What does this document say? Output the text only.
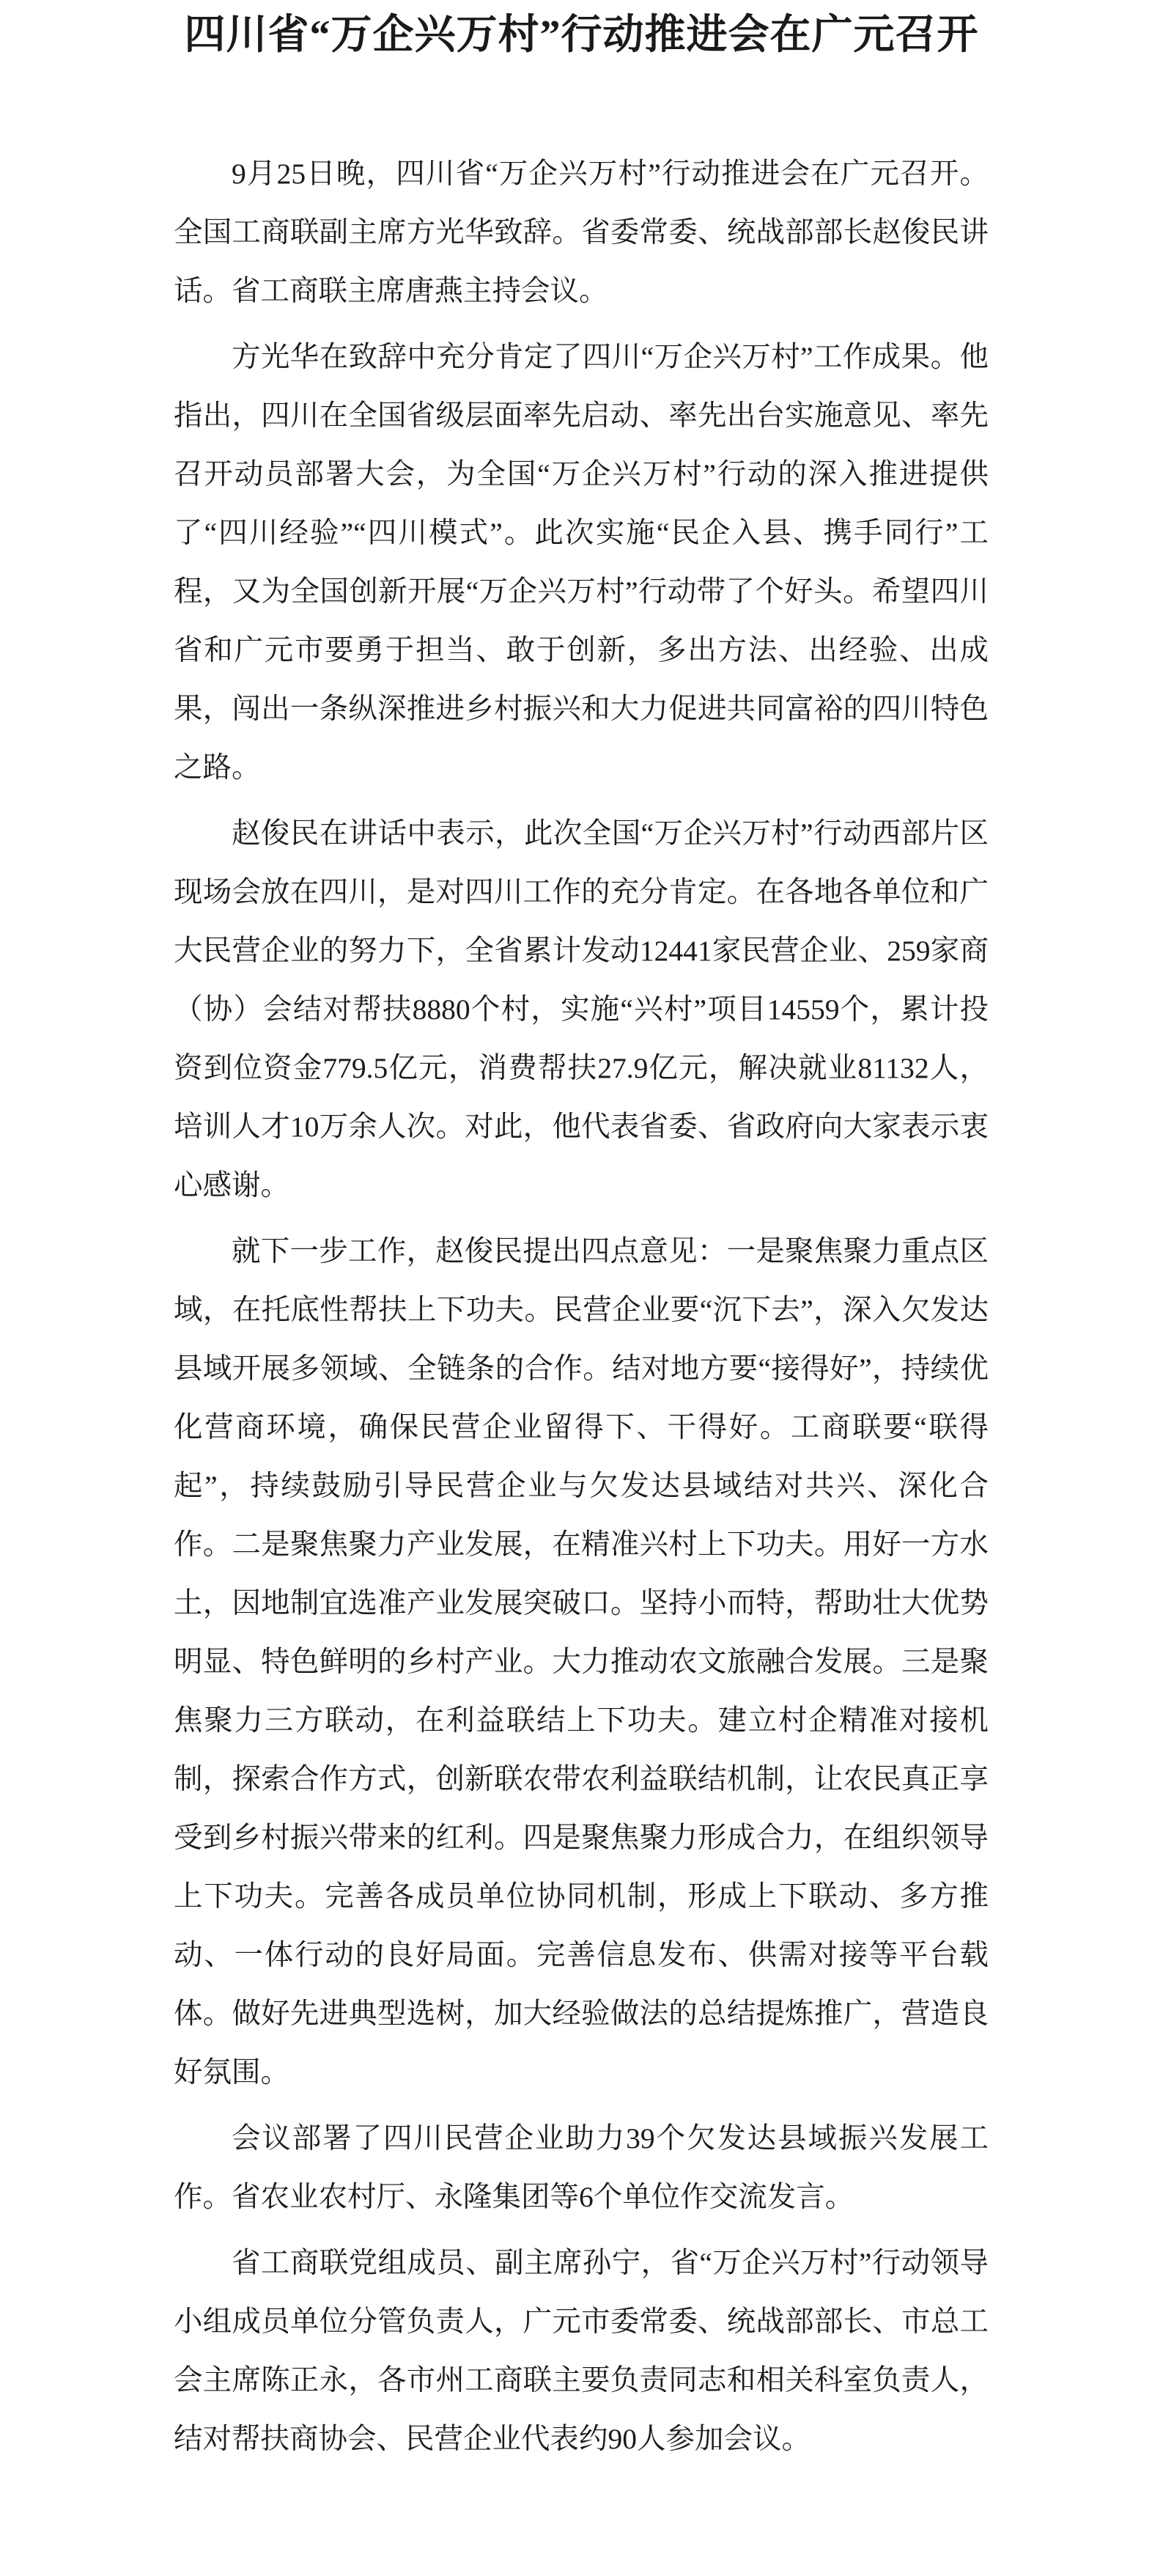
四川省“万企兴万村”行动推进会在广元召开

9月25日晚，四川省“万企兴万村”行动推进会在广元召开。全国工商联副主席方光华致辞。省委常委、统战部部长赵俊民讲话。省工商联主席唐燕主持会议。

方光华在致辞中充分肯定了四川“万企兴万村”工作成果。他指出，四川在全国省级层面率先启动、率先出台实施意见、率先召开动员部署大会，为全国“万企兴万村”行动的深入推进提供了“四川经验”“四川模式”。此次实施“民企入县、携手同行”工程，又为全国创新开展“万企兴万村”行动带了个好头。希望四川省和广元市要勇于担当、敢于创新，多出方法、出经验、出成果，闯出一条纵深推进乡村振兴和大力促进共同富裕的四川特色之路。

赵俊民在讲话中表示，此次全国“万企兴万村”行动西部片区现场会放在四川，是对四川工作的充分肯定。在各地各单位和广大民营企业的努力下，全省累计发动12441家民营企业、259家商（协）会结对帮扶8880个村，实施“兴村”项目14559个，累计投资到位资金779.5亿元，消费帮扶27.9亿元，解决就业81132人，培训人才10万余人次。对此，他代表省委、省政府向大家表示衷心感谢。

就下一步工作，赵俊民提出四点意见：一是聚焦聚力重点区域，在托底性帮扶上下功夫。民营企业要“沉下去”，深入欠发达县域开展多领域、全链条的合作。结对地方要“接得好”，持续优化营商环境，确保民营企业留得下、干得好。工商联要“联得起”，持续鼓励引导民营企业与欠发达县域结对共兴、深化合作。二是聚焦聚力产业发展，在精准兴村上下功夫。用好一方水土，因地制宜选准产业发展突破口。坚持小而特，帮助壮大优势明显、特色鲜明的乡村产业。大力推动农文旅融合发展。三是聚焦聚力三方联动，在利益联结上下功夫。建立村企精准对接机制，探索合作方式，创新联农带农利益联结机制，让农民真正享受到乡村振兴带来的红利。四是聚焦聚力形成合力，在组织领导上下功夫。完善各成员单位协同机制，形成上下联动、多方推动、一体行动的良好局面。完善信息发布、供需对接等平台载体。做好先进典型选树，加大经验做法的总结提炼推广，营造良好氛围。

会议部署了四川民营企业助力39个欠发达县域振兴发展工作。省农业农村厅、永隆集团等6个单位作交流发言。

省工商联党组成员、副主席孙宁，省“万企兴万村”行动领导小组成员单位分管负责人，广元市委常委、统战部部长、市总工会主席陈正永，各市州工商联主要负责同志和相关科室负责人，结对帮扶商协会、民营企业代表约90人参加会议。
